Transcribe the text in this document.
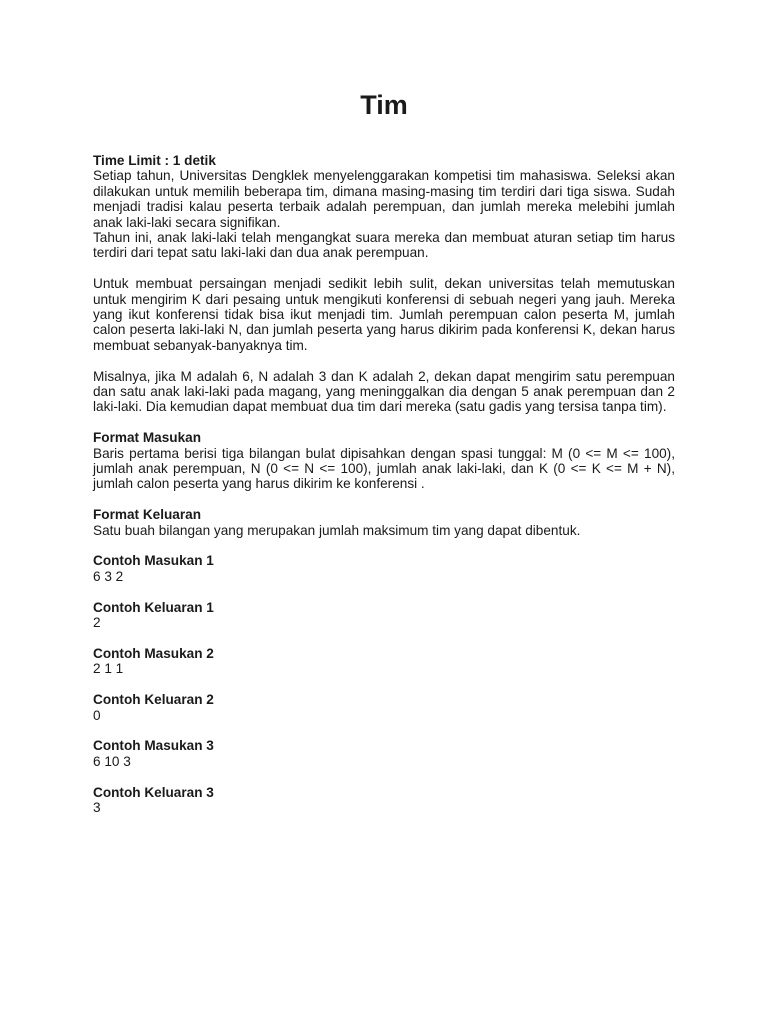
Tim
Time Limit : 1 detik

Setiap tahun, Universitas Dengklek menyelenggarakan kompetisi tim mahasiswa. Seleksi akan dilakukan untuk memilih beberapa tim, dimana masing-masing tim terdiri dari tiga siswa. Sudah menjadi tradisi kalau peserta terbaik adalah perempuan, dan jumlah mereka melebihi jumlah anak laki-laki secara signifikan.

Tahun ini, anak laki-laki telah mengangkat suara mereka dan membuat aturan setiap tim harus terdiri dari tepat satu laki-laki dan dua anak perempuan.

Untuk membuat persaingan menjadi sedikit lebih sulit, dekan universitas telah memutuskan untuk mengirim K dari pesaing untuk mengikuti konferensi di sebuah negeri yang jauh. Mereka yang ikut konferensi tidak bisa ikut menjadi tim. Jumlah perempuan calon peserta M, jumlah calon peserta laki-laki N, dan jumlah peserta yang harus dikirim pada konferensi K, dekan harus membuat sebanyak-banyaknya tim.

Misalnya, jika M adalah 6, N adalah 3 dan K adalah 2, dekan dapat mengirim satu perempuan dan satu anak laki-laki pada magang, yang meninggalkan dia dengan 5 anak perempuan dan 2 laki-laki. Dia kemudian dapat membuat dua tim dari mereka (satu gadis yang tersisa tanpa tim).

Format Masukan

Baris pertama berisi tiga bilangan bulat dipisahkan dengan spasi tunggal: M (0 <= M <= 100), jumlah anak perempuan, N (0 <= N <= 100), jumlah anak laki-laki, dan K (0 <= K <= M + N), jumlah calon peserta yang harus dikirim ke konferensi .

Format Keluaran

Satu buah bilangan yang merupakan jumlah maksimum tim yang dapat dibentuk.

Contoh Masukan 1
6 3 2
Contoh Keluaran 1
2
Contoh Masukan 2
2 1 1
Contoh Keluaran 2
0
Contoh Masukan 3
6 10 3
Contoh Keluaran 3
3
